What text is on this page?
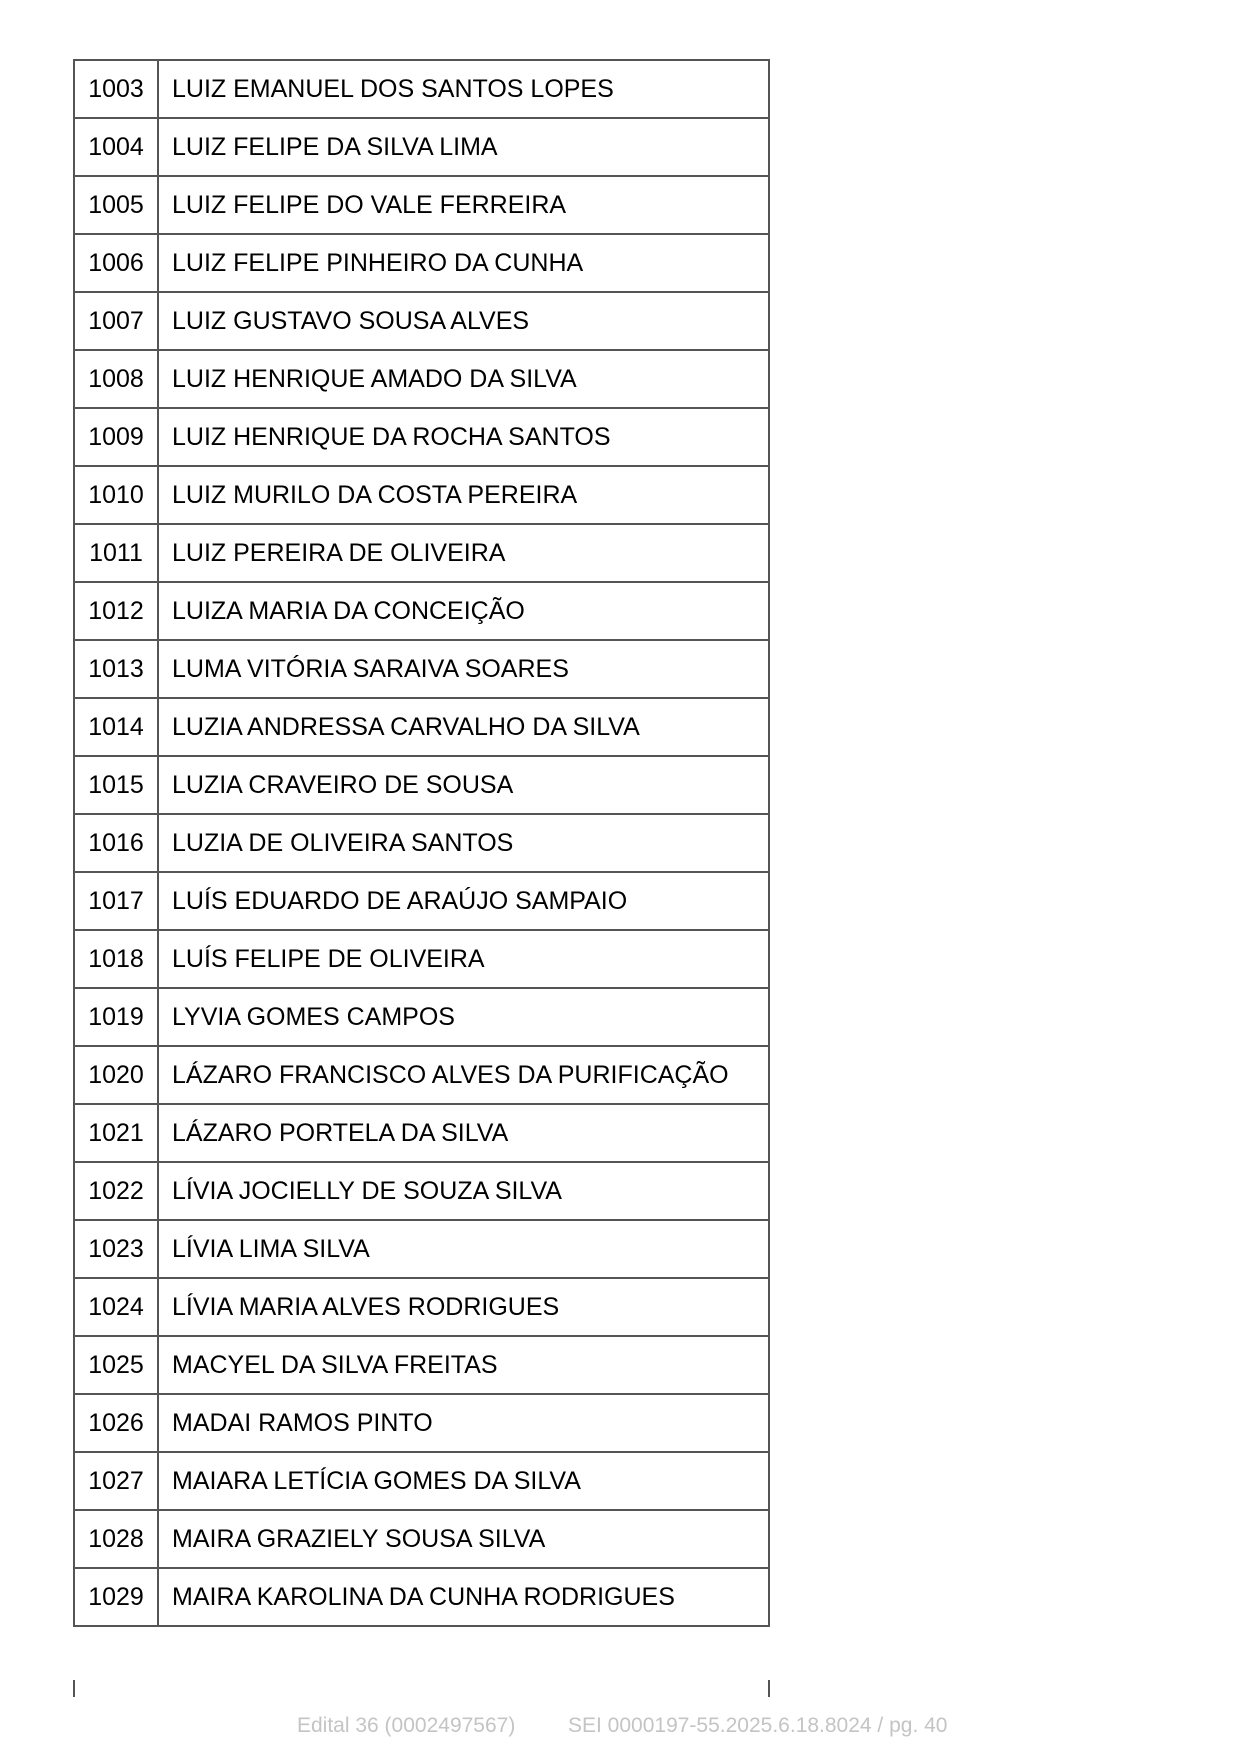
1003	LUIZ EMANUEL DOS SANTOS LOPES
1004	LUIZ FELIPE DA SILVA LIMA
1005	LUIZ FELIPE DO VALE FERREIRA
1006	LUIZ FELIPE PINHEIRO DA CUNHA
1007	LUIZ GUSTAVO SOUSA ALVES
1008	LUIZ HENRIQUE AMADO DA SILVA
1009	LUIZ HENRIQUE DA ROCHA SANTOS
1010	LUIZ MURILO DA COSTA PEREIRA
1011	LUIZ PEREIRA DE OLIVEIRA
1012	LUIZA MARIA DA CONCEIÇÃO
1013	LUMA VITÓRIA SARAIVA SOARES
1014	LUZIA ANDRESSA CARVALHO DA SILVA
1015	LUZIA CRAVEIRO DE SOUSA
1016	LUZIA DE OLIVEIRA SANTOS
1017	LUÍS EDUARDO DE ARAÚJO SAMPAIO
1018	LUÍS FELIPE DE OLIVEIRA
1019	LYVIA GOMES CAMPOS
1020	LÁZARO FRANCISCO ALVES DA PURIFICAÇÃO
1021	LÁZARO PORTELA DA SILVA
1022	LÍVIA JOCIELLY DE SOUZA SILVA
1023	LÍVIA LIMA SILVA
1024	LÍVIA MARIA ALVES RODRIGUES
1025	MACYEL DA SILVA FREITAS
1026	MADAI RAMOS PINTO
1027	MAIARA LETÍCIA GOMES DA SILVA
1028	MAIRA GRAZIELY SOUSA SILVA
1029	MAIRA KAROLINA DA CUNHA RODRIGUES
Edital 36 (0002497567)	SEI 0000197-55.2025.6.18.8024 / pg. 40
